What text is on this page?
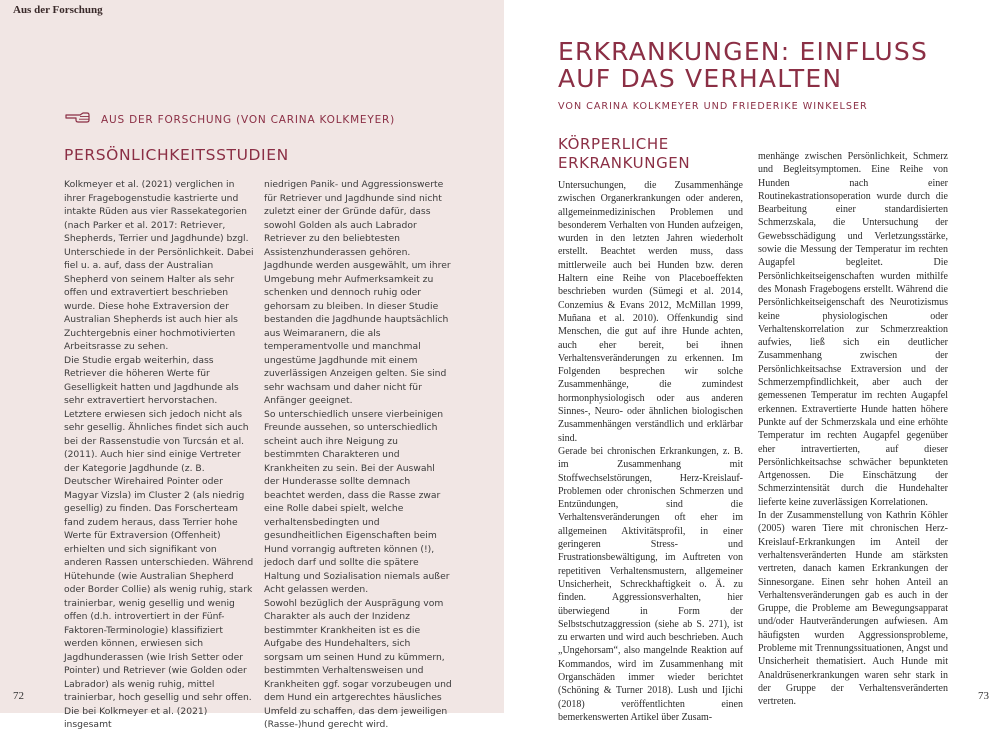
Aus der Forschung
AUS DER FORSCHUNG (VON CARINA KOLKMEYER)
PERSÖNLICHKEITSSTUDIEN

Kolkmeyer et al. (2021) verglichen in ihrer Fragebogenstudie kastrierte und intakte Rüden aus vier Rassekategorien (nach Parker et al. 2017: Retriever, Shepherds, Terrier und Jagdhunde) bzgl. Unterschiede in der Persönlichkeit. Dabei fiel u. a. auf, dass der Australian Shepherd von seinem Halter als sehr offen und extravertiert beschrieben wurde. Diese hohe Extraversion der Australian Shepherds ist auch hier als Zuchtergebnis einer hochmotivierten Arbeitsrasse zu sehen.

Die Studie ergab weiterhin, dass Retriever die höheren Werte für Geselligkeit hatten und Jagdhunde als sehr extravertiert hervorstachen. Letztere erwiesen sich jedoch nicht als sehr gesellig. Ähnliches findet sich auch bei der Rassenstudie von Turcsán et al. (2011). Auch hier sind einige Vertreter der Kategorie Jagdhunde (z. B. Deutscher Wirehaired Pointer oder Magyar Vizsla) im Cluster 2 (als niedrig gesellig) zu finden. Das Forscherteam fand zudem heraus, dass Terrier hohe Werte für Extraversion (Offenheit) erhielten und sich signifikant von anderen Rassen unterschieden. Während Hütehunde (wie Australian Shepherd oder Border Collie) als wenig ruhig, stark trainierbar, wenig gesellig und wenig offen (d.h. introvertiert in der Fünf-Faktoren-Terminologie) klassifiziert werden können, erwiesen sich Jagdhunderassen (wie Irish Setter oder Pointer) und Retriever (wie Golden oder Labrador) als wenig ruhig, mittel trainierbar, hoch gesellig und sehr offen. Die bei Kolkmeyer et al. (2021) insgesamt

niedrigen Panik- und Aggressionswerte für Retriever und Jagdhunde sind nicht zuletzt einer der Gründe dafür, dass sowohl Golden als auch Labrador Retriever zu den beliebtesten Assistenzhunderassen gehören. Jagdhunde werden ausgewählt, um ihrer Umgebung mehr Aufmerksamkeit zu schenken und dennoch ruhig oder gehorsam zu bleiben. In dieser Studie bestanden die Jagdhunde hauptsächlich aus Weimaranern, die als temperamentvolle und manchmal ungestüme Jagdhunde mit einem zuverlässigen Anzeigen gelten. Sie sind sehr wachsam und daher nicht für Anfänger geeignet.

So unterschiedlich unsere vierbeinigen Freunde aussehen, so unterschiedlich scheint auch ihre Neigung zu bestimmten Charakteren und Krankheiten zu sein. Bei der Auswahl der Hunderasse sollte demnach beachtet werden, dass die Rasse zwar eine Rolle dabei spielt, welche verhaltensbedingten und gesundheitlichen Eigenschaften beim Hund vorrangig auftreten können (!), jedoch darf und sollte die spätere Haltung und Sozialisation niemals außer Acht gelassen werden.

Sowohl bezüglich der Ausprägung vom Charakter als auch der Inzidenz bestimmter Krankheiten ist es die Aufgabe des Hundehalters, sich sorgsam um seinen Hund zu kümmern, bestimmten Verhaltensweisen und Krankheiten ggf. sogar vorzubeugen und dem Hund ein artgerechtes häusliches Umfeld zu schaffen, das dem jeweiligen (Rasse-)hund gerecht wird.

72
ERKRANKUNGEN: EINFLUSS AUF DAS VERHALTEN
VON CARINA KOLKMEYER UND FRIEDERIKE WINKELSER
KÖRPERLICHE ERKRANKUNGEN

Untersuchungen, die Zusammenhänge zwischen Organerkrankungen oder anderen, allgemeinmedizinischen Problemen und besonderem Verhalten von Hunden aufzeigen, wurden in den letzten Jahren wiederholt erstellt. Beachtet werden muss, dass mittlerweile auch bei Hunden bzw. deren Haltern eine Reihe von Placeboeffekten beschrieben wurden (Sümegi et al. 2014, Conzemius & Evans 2012, McMillan 1999, Muñana et al. 2010). Offenkundig sind Menschen, die gut auf ihre Hunde achten, auch eher bereit, bei ihnen Verhaltensveränderungen zu erkennen. Im Folgenden besprechen wir solche Zusammenhänge, die zumindest hormonphysiologisch oder aus anderen Sinnes-, Neuro- oder ähnlichen biologischen Zusammenhängen verständlich und erklärbar sind.

Gerade bei chronischen Erkrankungen, z. B. im Zusammenhang mit Stoffwechselstörungen, Herz-Kreislauf-Problemen oder chronischen Schmerzen und Entzündungen, sind die Verhaltensveränderungen oft eher im allgemeinen Aktivitätsprofil, in einer geringeren Stress- und Frustrationsbewältigung, im Auftreten von repetitiven Verhaltensmustern, allgemeiner Unsicherheit, Schreckhaftigkeit o. Ä. zu finden. Aggressionsverhalten, hier überwiegend in Form der Selbstschutzaggression (siehe ab S. 271), ist zu erwarten und wird auch beschrieben. Auch „Ungehorsam“, also mangelnde Reaktion auf Kommandos, wird im Zusammenhang mit Organschäden immer wieder berichtet (Schöning & Turner 2018). Lush und Ijichi (2018) veröffentlichten einen bemerkenswerten Artikel über Zusam-

menhänge zwischen Persönlichkeit, Schmerz und Begleitsymptomen. Eine Reihe von Hunden nach einer Routinekastrationsoperation wurde durch die Bearbeitung einer standardisierten Schmerzskala, die Untersuchung der Gewebsschädigung und Verletzungsstärke, sowie die Messung der Temperatur im rechten Augapfel begleitet. Die Persönlichkeitseigenschaften wurden mithilfe des Monash Fragebogens erstellt. Während die Persönlichkeitseigenschaft des Neurotizismus keine physiologischen oder Verhaltenskorrelation zur Schmerzreaktion aufwies, ließ sich ein deutlicher Zusammenhang zwischen der Persönlichkeitsachse Extraversion und der Schmerzempfindlichkeit, aber auch der gemessenen Temperatur im rechten Augapfel erkennen. Extravertierte Hunde hatten höhere Punkte auf der Schmerzskala und eine erhöhte Temperatur im rechten Augapfel gegenüber eher intravertierten, auf dieser Persönlichkeitsachse schwächer bepunkteten Artgenossen. Die Einschätzung der Schmerzintensität durch die Hundehalter lieferte keine zuverlässigen Korrelationen.

In der Zusammenstellung von Kathrin Köhler (2005) waren Tiere mit chronischen Herz-Kreislauf-Erkrankungen im Anteil der verhaltensveränderten Hunde am stärksten vertreten, danach kamen Erkrankungen der Sinnesorgane. Einen sehr hohen Anteil an Verhaltensveränderungen gab es auch in der Gruppe, die Probleme am Bewegungsapparat und/oder Hautveränderungen aufwiesen. Am häufigsten wurden Aggressionsprobleme, Probleme mit Trennungssituationen, Angst und Unsicherheit thematisiert. Auch Hunde mit Analdrüsenerkrankungen waren sehr stark in der Gruppe der Verhaltensveränderten vertreten.	73
